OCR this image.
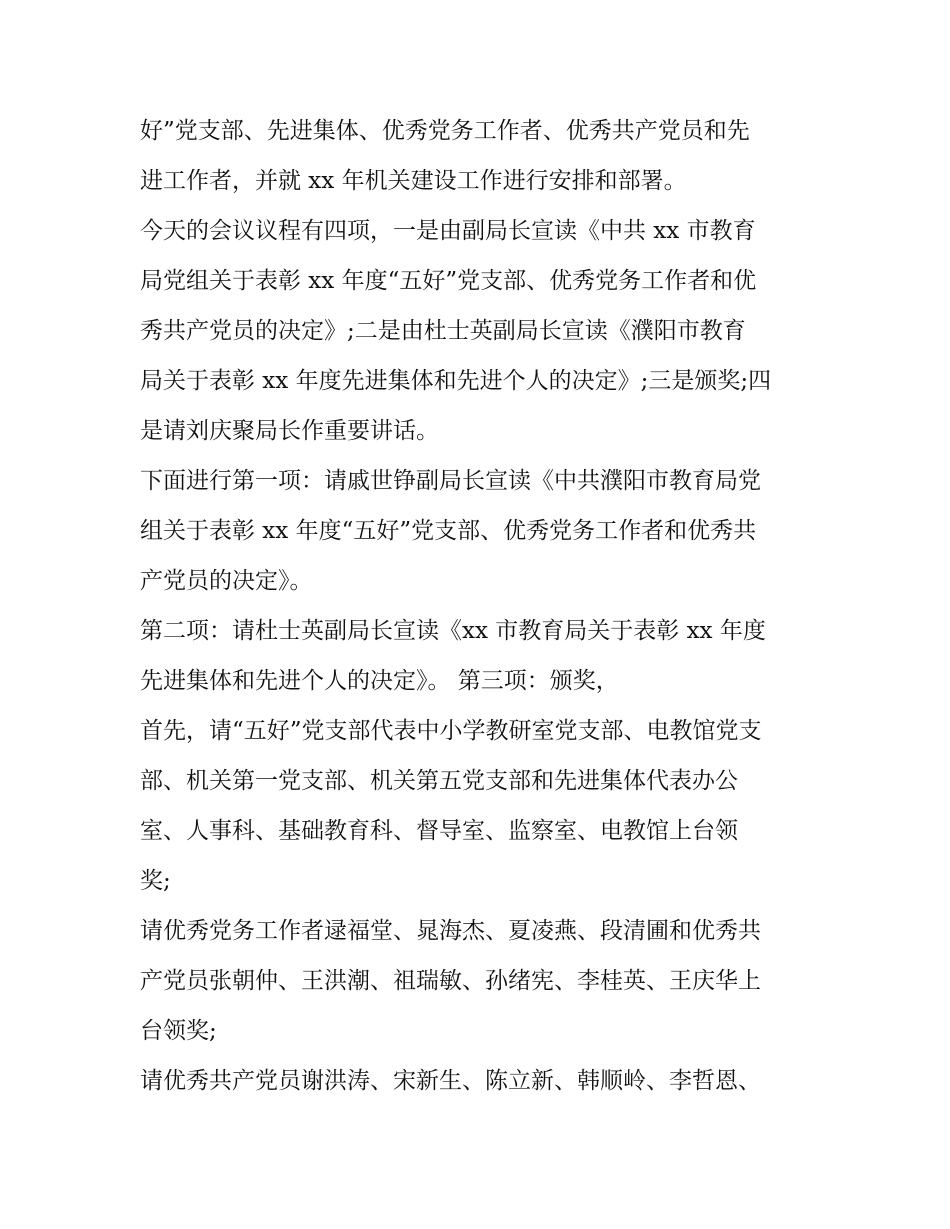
好”党支部、先进集体、优秀党务工作者、优秀共产党员和先
进工作者，并就 xx 年机关建设工作进行安排和部署。
今天的会议议程有四项，一是由副局长宣读《中共 xx 市教育
局党组关于表彰 xx 年度“五好”党支部、优秀党务工作者和优
秀共产党员的决定》;二是由杜士英副局长宣读《濮阳市教育
局关于表彰 xx 年度先进集体和先进个人的决定》;三是颁奖;四
是请刘庆聚局长作重要讲话。
下面进行第一项：请戚世铮副局长宣读《中共濮阳市教育局党
组关于表彰 xx 年度“五好”党支部、优秀党务工作者和优秀共
产党员的决定》。
第二项：请杜士英副局长宣读《xx 市教育局关于表彰 xx 年度
先进集体和先进个人的决定》。 第三项：颁奖，
首先，请“五好”党支部代表中小学教研室党支部、电教馆党支
部、机关第一党支部、机关第五党支部和先进集体代表办公
室、人事科、基础教育科、督导室、监察室、电教馆上台领
奖;
请优秀党务工作者逯福堂、晁海杰、夏凌燕、段清圃和优秀共
产党员张朝仲、王洪潮、祖瑞敏、孙绪宪、李桂英、王庆华上
台领奖;
请优秀共产党员谢洪涛、宋新生、陈立新、韩顺岭、李哲恩、
